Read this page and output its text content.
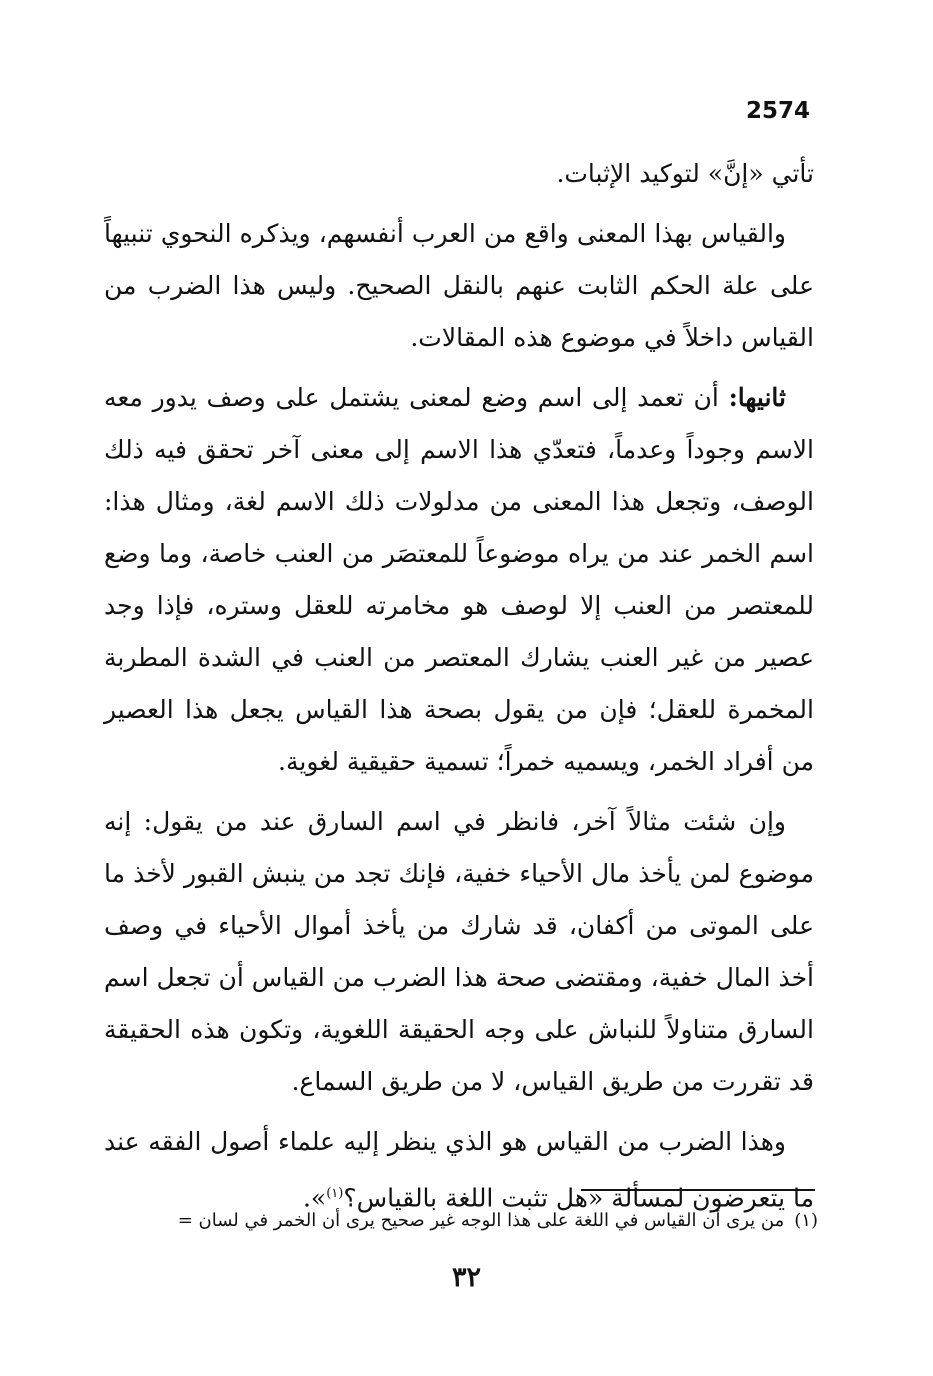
2574

تأتي «إنَّ» لتوكيد الإثبات.

والقياس بهذا المعنى واقع من العرب أنفسهم، ويذكره النحوي تنبيهاً على علة الحكم الثابت عنهم بالنقل الصحيح. وليس هذا الضرب من القياس داخلاً في موضوع هذه المقالات.

ثانيها: أن تعمد إلى اسم وضع لمعنى يشتمل على وصف يدور معه الاسم وجوداً وعدماً، فتعدّي هذا الاسم إلى معنى آخر تحقق فيه ذلك الوصف، وتجعل هذا المعنى من مدلولات ذلك الاسم لغة، ومثال هذا: اسم الخمر عند من يراه موضوعاً للمعتصَر من العنب خاصة، وما وضع للمعتصر من العنب إلا لوصف هو مخامرته للعقل وستره، فإذا وجد عصير من غير العنب يشارك المعتصر من العنب في الشدة المطربة المخمرة للعقل؛ فإن من يقول بصحة هذا القياس يجعل هذا العصير من أفراد الخمر، ويسميه خمراً؛ تسمية حقيقية لغوية.

وإن شئت مثالاً آخر، فانظر في اسم السارق عند من يقول: إنه موضوع لمن يأخذ مال الأحياء خفية، فإنك تجد من ينبش القبور لأخذ ما على الموتى من أكفان، قد شارك من يأخذ أموال الأحياء في وصف أخذ المال خفية، ومقتضى صحة هذا الضرب من القياس أن تجعل اسم السارق متناولاً للنباش على وجه الحقيقة اللغوية، وتكون هذه الحقيقة قد تقررت من طريق القياس، لا من طريق السماع.

وهذا الضرب من القياس هو الذي ينظر إليه علماء أصول الفقه عند ما يتعرضون لمسألة «هل تثبت اللغة بالقياس؟$^{(١)}$».

(١)من يرى أن القياس في اللغة على هذا الوجه غير صحيح يرى أن الخمر في لسان =
٣٢
